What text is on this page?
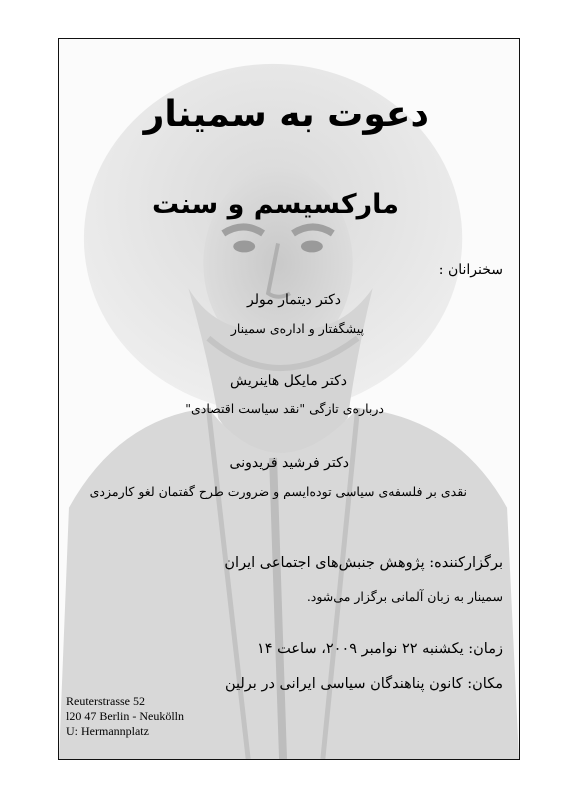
دعوت به سمینار
مارکسیسم و سنت
سخنرانان :
دکتر دیتمار مولر
پیشگفتار و اداره‌ی سمینار
دکتر مایکل هاینریش
درباره‌ی تازگی "نقد سیاست اقتصادی"
دکتر فرشید فریدونی
نقدی بر فلسفه‌ی سیاسی توده‌ایسم و ضرورت طرح گفتمان لغو کارمزدی
برگزارکننده: پژوهش جنبش‌های اجتماعی ایران
سمینار به زبان آلمانی برگزار می‌شود.
زمان: یکشنبه ۲۲ نوامبر ۲۰۰۹، ساعت ۱۴
مکان: کانون پناهندگان سیاسی ایرانی در برلین
Reuterstrasse 52
l20 47 Berlin - Neukölln
U: Hermannplatz
